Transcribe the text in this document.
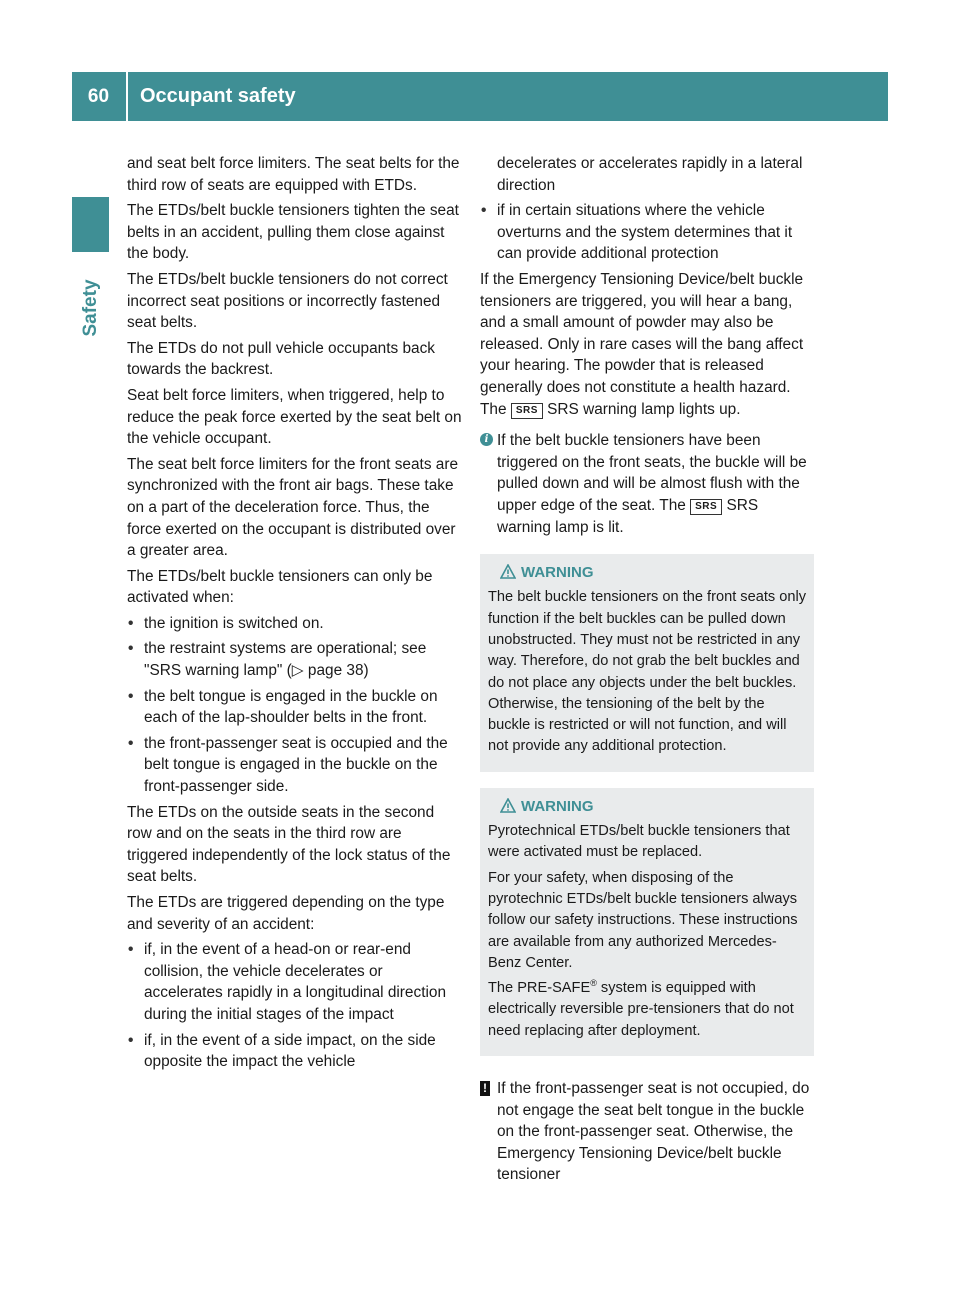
60	Occupant safety
Safety

and seat belt force limiters. The seat belts for the third row of seats are equipped with ETDs.

The ETDs/belt buckle tensioners tighten the seat belts in an accident, pulling them close against the body.

The ETDs/belt buckle tensioners do not correct incorrect seat positions or incorrectly fastened seat belts.

The ETDs do not pull vehicle occupants back towards the backrest.

Seat belt force limiters, when triggered, help to reduce the peak force exerted by the seat belt on the vehicle occupant.

The seat belt force limiters for the front seats are synchronized with the front air bags. These take on a part of the deceleration force. Thus, the force exerted on the occupant is distributed over a greater area.

The ETDs/belt buckle tensioners can only be activated when:

• the ignition is switched on.
• the restraint systems are operational; see "SRS warning lamp" (▷ page 38)
• the belt tongue is engaged in the buckle on each of the lap-shoulder belts in the front.
• the front-passenger seat is occupied and the belt tongue is engaged in the buckle on the front-passenger side.

The ETDs on the outside seats in the second row and on the seats in the third row are triggered independently of the lock status of the seat belts.

The ETDs are triggered depending on the type and severity of an accident:

• if, in the event of a head-on or rear-end collision, the vehicle decelerates or accelerates rapidly in a longitudinal direction during the initial stages of the impact
• if, in the event of a side impact, on the side opposite the impact the vehicle

decelerates or accelerates rapidly in a lateral direction

• if in certain situations where the vehicle overturns and the system determines that it can provide additional protection

If the Emergency Tensioning Device/belt buckle tensioners are triggered, you will hear a bang, and a small amount of powder may also be released. Only in rare cases will the bang affect your hearing. The powder that is released generally does not constitute a health hazard. The SRS SRS warning lamp lights up.

i If the belt buckle tensioners have been triggered on the front seats, the buckle will be pulled down and will be almost flush with the upper edge of the seat. The SRS SRS warning lamp is lit.
WARNING

The belt buckle tensioners on the front seats only function if the belt buckles can be pulled down unobstructed. They must not be restricted in any way. Therefore, do not grab the belt buckles and do not place any objects under the belt buckles. Otherwise, the tensioning of the belt by the buckle is restricted or will not function, and will not provide any additional protection.

WARNING

Pyrotechnical ETDs/belt buckle tensioners that were activated must be replaced.

For your safety, when disposing of the pyrotechnic ETDs/belt buckle tensioners always follow our safety instructions. These instructions are available from any authorized Mercedes-Benz Center.

The PRE-SAFE® system is equipped with electrically reversible pre-tensioners that do not need replacing after deployment.

! If the front-passenger seat is not occupied, do not engage the seat belt tongue in the buckle on the front-passenger seat. Otherwise, the Emergency Tensioning Device/belt buckle tensioner
